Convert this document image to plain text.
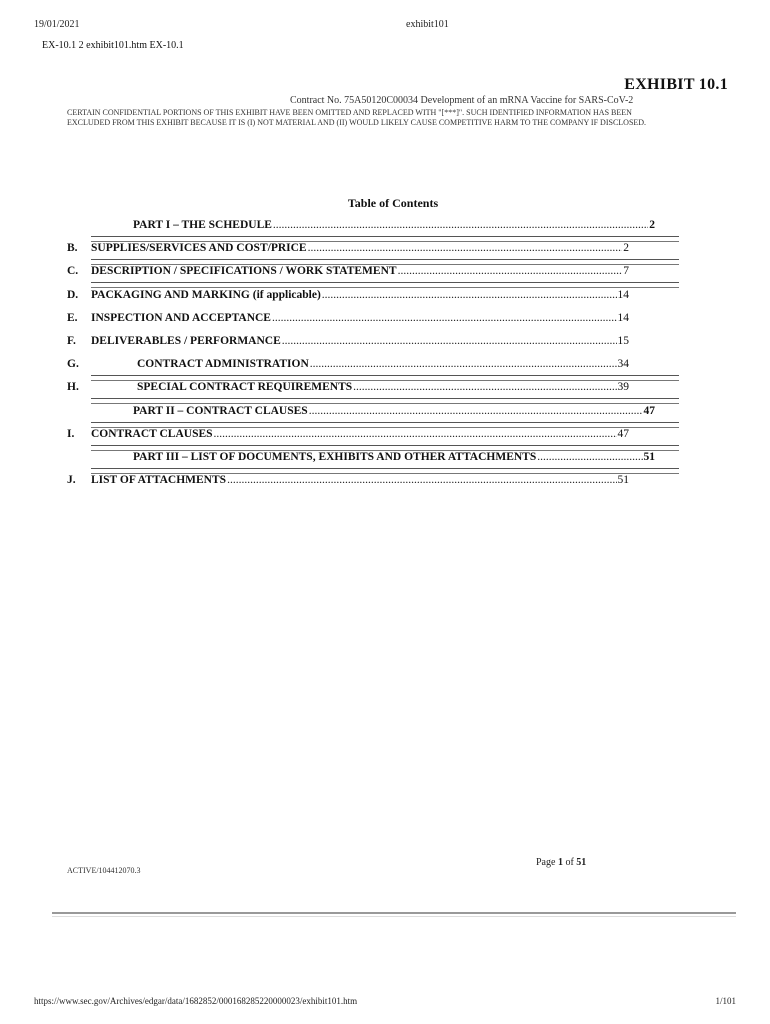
19/01/2021	exhibit101
EX-10.1 2 exhibit101.htm EX-10.1
EXHIBIT 10.1
Contract No. 75A50120C00034 Development of an mRNA Vaccine for SARS-CoV-2
CERTAIN CONFIDENTIAL PORTIONS OF THIS EXHIBIT HAVE BEEN OMITTED AND REPLACED WITH "[***]". SUCH IDENTIFIED INFORMATION HAS BEEN
EXCLUDED FROM THIS EXHIBIT BECAUSE IT IS (I) NOT MATERIAL AND (II) WOULD LIKELY CAUSE COMPETITIVE HARM TO THE COMPANY IF DISCLOSED.
Table of Contents
PART I – THE SCHEDULE .....	2
B. SUPPLIES/SERVICES AND COST/PRICE .....	2
C. DESCRIPTION / SPECIFICATIONS / WORK STATEMENT .....	7
D. PACKAGING AND MARKING (if applicable) .....	14
E. INSPECTION AND ACCEPTANCE .....	14
F. DELIVERABLES / PERFORMANCE .....	15
G.	CONTRACT ADMINISTRATION .....	34
H.	SPECIAL CONTRACT REQUIREMENTS .....	39
PART II – CONTRACT CLAUSES .....	47
I. CONTRACT CLAUSES .....	47
PART III – LIST OF DOCUMENTS, EXHIBITS AND OTHER ATTACHMENTS .....	51
J. LIST OF ATTACHMENTS .....	51
ACTIVE/104412070.3
Page 1 of 51
https://www.sec.gov/Archives/edgar/data/1682852/000168285220000023/exhibit101.htm	1/101
